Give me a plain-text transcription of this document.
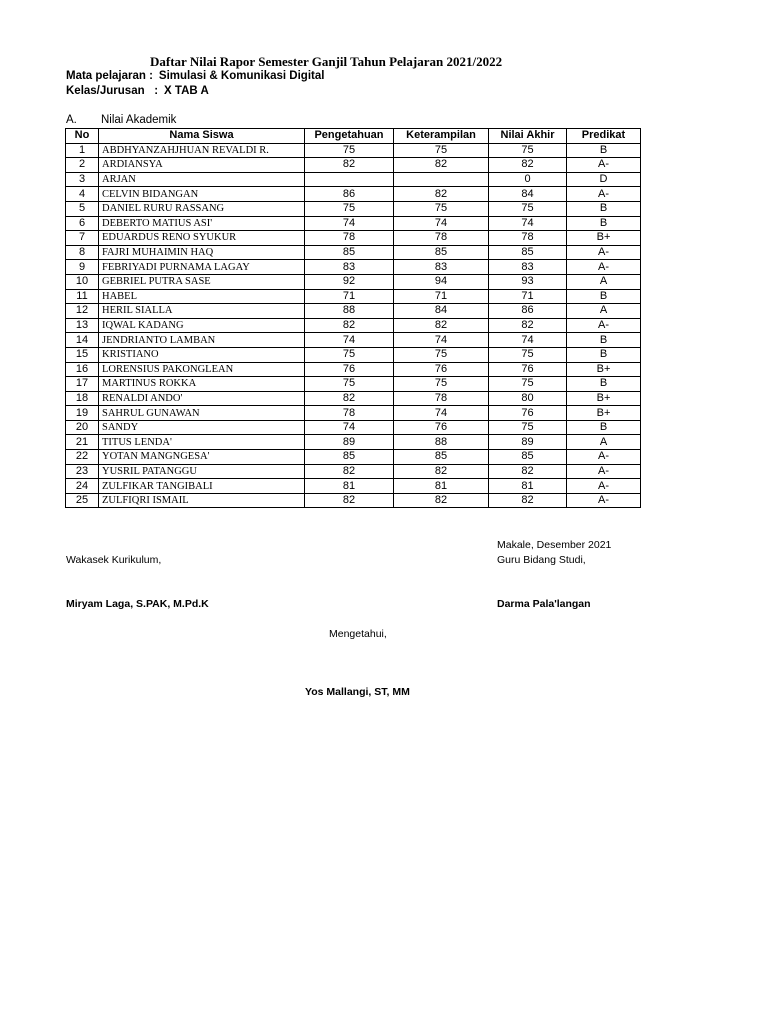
Daftar Nilai Rapor Semester Ganjil Tahun Pelajaran 2021/2022
Mata pelajaran : Simulasi & Komunikasi Digital
Kelas/Jurusan   : X TAB A
A. Nilai Akademik
No	Nama Siswa	Pengetahuan	Keterampilan	Nilai Akhir	Predikat
1	ABDHYANZAHJHUAN REVALDI R.	75	75	75	B
2	ARDIANSYA	82	82	82	A-
3	ARJAN			0	D
4	CELVIN BIDANGAN	86	82	84	A-
5	DANIEL RURU RASSANG	75	75	75	B
6	DEBERTO MATIUS ASI'	74	74	74	B
7	EDUARDUS RENO SYUKUR	78	78	78	B+
8	FAJRI MUHAIMIN HAQ	85	85	85	A-
9	FEBRIYADI PURNAMA LAGAY	83	83	83	A-
10	GEBRIEL PUTRA SASE	92	94	93	A
11	HABEL	71	71	71	B
12	HERIL SIALLA	88	84	86	A
13	IQWAL KADANG	82	82	82	A-
14	JENDRIANTO LAMBAN	74	74	74	B
15	KRISTIANO	75	75	75	B
16	LORENSIUS PAKONGLEAN	76	76	76	B+
17	MARTINUS ROKKA	75	75	75	B
18	RENALDI ANDO'	82	78	80	B+
19	SAHRUL GUNAWAN	78	74	76	B+
20	SANDY	74	76	75	B
21	TITUS LENDA'	89	88	89	A
22	YOTAN MANGNGESA'	85	85	85	A-
23	YUSRIL PATANGGU	82	82	82	A-
24	ZULFIKAR TANGIBALI	81	81	81	A-
25	ZULFIQRI ISMAIL	82	82	82	A-
Makale, Desember 2021
Wakasek Kurikulum,	Guru Bidang Studi,
Miryam Laga, S.PAK, M.Pd.K	Darma Pala'langan
Mengetahui,
Yos Mallangi, ST, MM
